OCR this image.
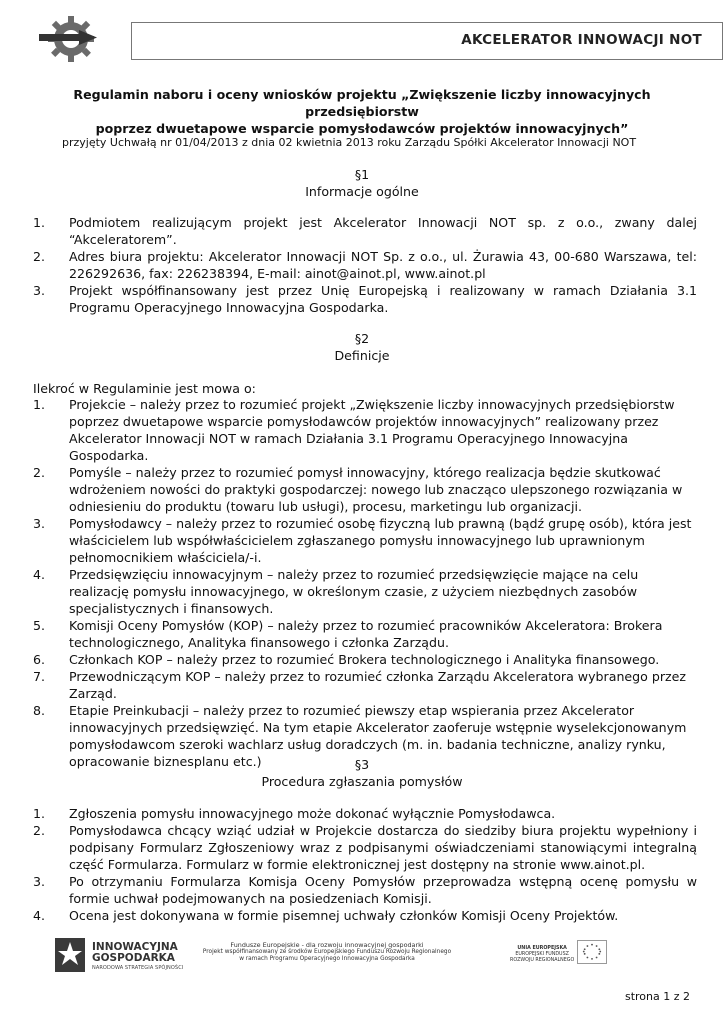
AKCELERATOR INNOWACJI NOT
Regulamin naboru i oceny wniosków projektu „Zwiększenie liczby innowacyjnych przedsiębiorstw
poprzez dwuetapowe wsparcie pomysłodawców projektów innowacyjnych”
przyjęty Uchwałą nr 01/04/2013 z dnia 02 kwietnia 2013 roku Zarządu Spółki Akcelerator Innowacji NOT
§1
Informacje ogólne
1. Podmiotem realizującym projekt jest Akcelerator Innowacji NOT sp. z o.o., zwany dalej “Akceleratorem”.
2. Adres biura projektu: Akcelerator Innowacji NOT Sp. z o.o., ul. Żurawia 43, 00-680 Warszawa, tel: 226292636, fax: 226238394, E-mail: ainot@ainot.pl, www.ainot.pl
3. Projekt współfinansowany jest przez Unię Europejską i realizowany w ramach Działania 3.1 Programu Operacyjnego Innowacyjna Gospodarka.
§2
Definicje
Ilekroć w Regulaminie jest mowa o:
1. Projekcie – należy przez to rozumieć projekt „Zwiększenie liczby innowacyjnych przedsiębiorstw poprzez dwuetapowe wsparcie pomysłodawców projektów innowacyjnych” realizowany przez Akcelerator Innowacji NOT w ramach Działania 3.1 Programu Operacyjnego Innowacyjna Gospodarka.
2. Pomyśle – należy przez to rozumieć pomysł innowacyjny, którego realizacja będzie skutkować wdrożeniem nowości do praktyki gospodarczej: nowego lub znacząco ulepszonego rozwiązania w odniesieniu do produktu (towaru lub usługi), procesu, marketingu lub organizacji.
3. Pomysłodawcy – należy przez to rozumieć osobę fizyczną lub prawną (bądź grupę osób), która jest właścicielem lub współwłaścicielem zgłaszanego pomysłu innowacyjnego lub uprawnionym pełnomocnikiem właściciela/-i.
4. Przedsięwzięciu innowacyjnym – należy przez to rozumieć przedsięwzięcie mające na celu realizację pomysłu innowacyjnego, w określonym czasie, z użyciem niezbędnych zasobów specjalistycznych i finansowych.
5. Komisji Oceny Pomysłów (KOP) – należy przez to rozumieć pracowników Akceleratora: Brokera technologicznego, Analityka finansowego i członka Zarządu.
6. Członkach KOP – należy przez to rozumieć Brokera technologicznego i Analityka finansowego.
7. Przewodniczącym KOP – należy przez to rozumieć członka Zarządu Akceleratora wybranego przez Zarząd.
8. Etapie Preinkubacji – należy przez to rozumieć piewszy etap wspierania przez Akcelerator innowacyjnych przedsięwzięć. Na tym etapie Akcelerator zaoferuje wstępnie wyselekcjonowanym pomysłodawcom szeroki wachlarz usług doradczych (m. in. badania techniczne, analizy rynku, opracowanie biznesplanu etc.)	§3
Procedura zgłaszania pomysłów
1. Zgłoszenia pomysłu innowacyjnego może dokonać wyłącznie Pomysłodawca.
2. Pomysłodawca chcący wziąć udział w Projekcie dostarcza do siedziby biura projektu wypełniony i podpisany Formularz Zgłoszeniowy wraz z podpisanymi oświadczeniami stanowiącymi integralną część Formularza. Formularz w formie elektronicznej jest dostępny na stronie www.ainot.pl.
3. Po otrzymaniu Formularza Komisja Oceny Pomysłów przeprowadza wstępną ocenę pomysłu w formie uchwał podejmowanych na posiedzeniach Komisji.
4. Ocena jest dokonywana w formie pisemnej uchwały członków Komisji Oceny Projektów.
INNOWACYJNA
GOSPODARKA
NARODOWA STRATEGIA SPÓJNOŚCI
Fundusze Europejskie - dla rozwoju innowacyjnej gospodarki
Projekt współfinansowany ze środków Europejskiego Funduszu Rozwoju Regionalnego
w ramach Programu Operacyjnego Innowacyjna Gospodarka
UNIA EUROPEJSKA
EUROPEJSKI FUNDUSZ
ROZWOJU REGIONALNEGO
strona 1 z 2
